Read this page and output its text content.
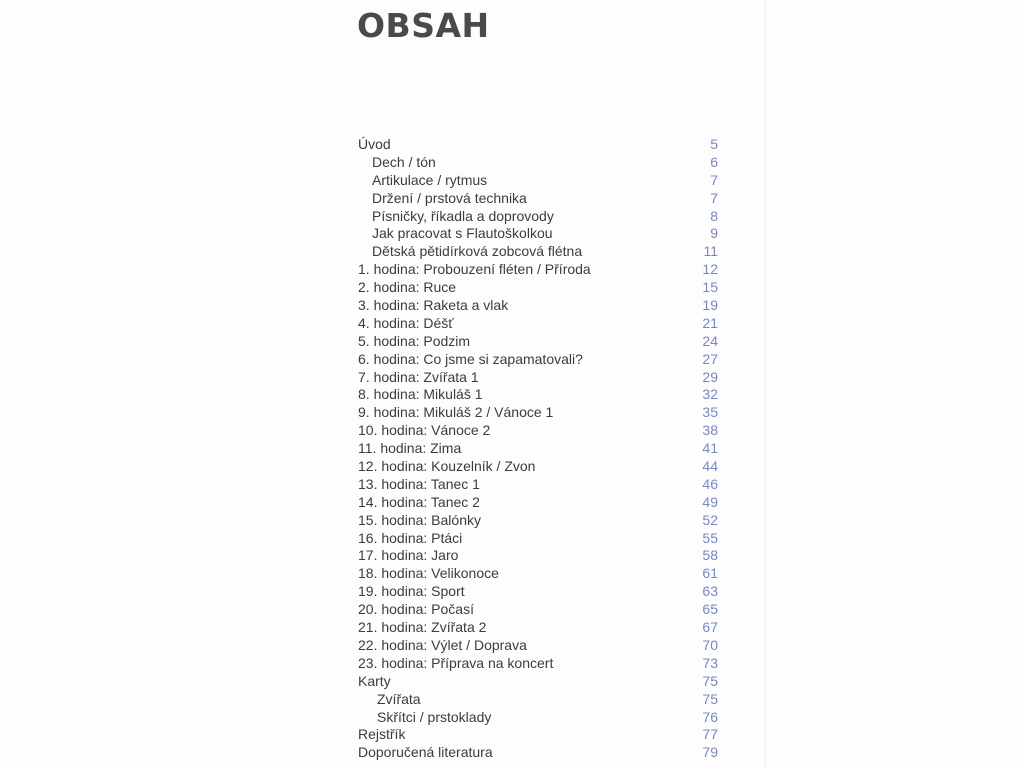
OBSAH
Úvod	5
Dech / tón	6
Artikulace / rytmus	7
Držení / prstová technika	7
Písničky, říkadla a doprovody	8
Jak pracovat s Flautoškolkou	9
Dětská pětidírková zobcová flétna	11
1. hodina: Probouzení fléten / Příroda	12
2. hodina: Ruce	15
3. hodina: Raketa a vlak	19
4. hodina: Déšť	21
5. hodina: Podzim	24
6. hodina: Co jsme si zapamatovali?	27
7. hodina: Zvířata 1	29
8. hodina: Mikuláš 1	32
9. hodina: Mikuláš 2 / Vánoce 1	35
10. hodina: Vánoce 2	38
11. hodina: Zima	41
12. hodina: Kouzelník / Zvon	44
13. hodina: Tanec 1	46
14. hodina: Tanec 2	49
15. hodina: Balónky	52
16. hodina: Ptáci	55
17. hodina: Jaro	58
18. hodina: Velikonoce	61
19. hodina: Sport	63
20. hodina: Počasí	65
21. hodina: Zvířata 2	67
22. hodina: Výlet / Doprava	70
23. hodina: Příprava na koncert	73
Karty	75
Zvířata	75
Skřítci / prstoklady	76
Rejstřík	77
Doporučená literatura	79
